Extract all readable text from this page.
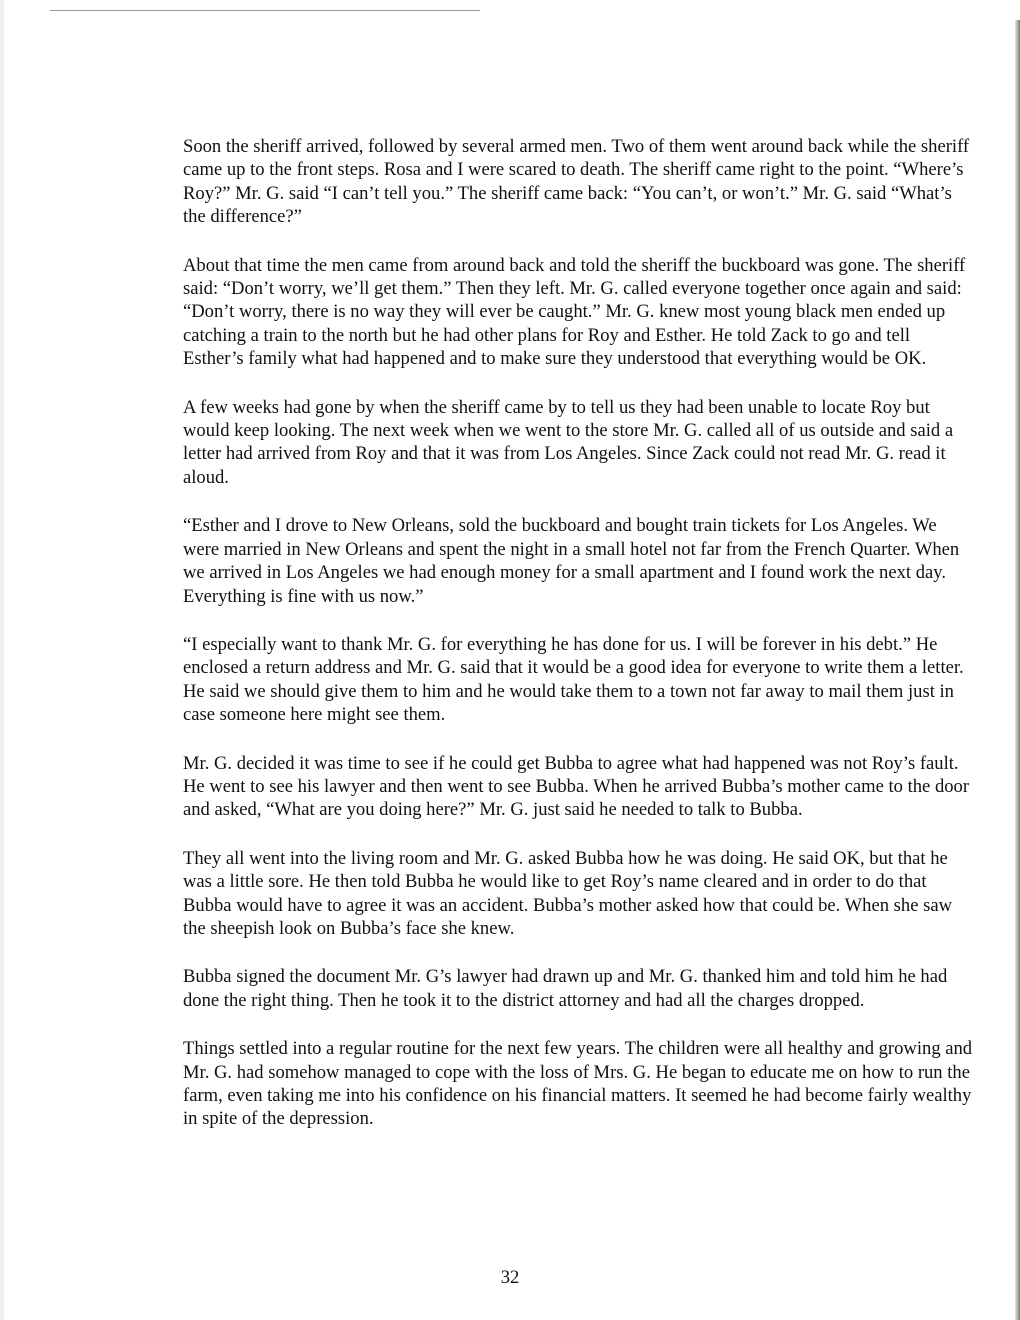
Soon the sheriff arrived, followed by several armed men. Two of them went around back while the sheriff came up to the front steps. Rosa and I were scared to death. The sheriff came right to the point. “Where’s Roy?” Mr. G. said “I can’t tell you.” The sheriff came back: “You can’t, or won’t.” Mr. G. said “What’s the difference?”

About that time the men came from around back and told the sheriff the buckboard was gone. The sheriff said: “Don’t worry, we’ll get them.” Then they left. Mr. G. called everyone together once again and said: “Don’t worry, there is no way they will ever be caught.” Mr. G. knew most young black men ended up catching a train to the north but he had other plans for Roy and Esther. He told Zack to go and tell Esther’s family what had happened and to make sure they understood that everything would be OK.

A few weeks had gone by when the sheriff came by to tell us they had been unable to locate Roy but would keep looking. The next week when we went to the store Mr. G. called all of us outside and said a letter had arrived from Roy and that it was from Los Angeles. Since Zack could not read Mr. G. read it aloud.

“Esther and I drove to New Orleans, sold the buckboard and bought train tickets for Los Angeles. We were married in New Orleans and spent the night in a small hotel not far from the French Quarter. When we arrived in Los Angeles we had enough money for a small apartment and I found work the next day. Everything is fine with us now.”

“I especially want to thank Mr. G. for everything he has done for us. I will be forever in his debt.” He enclosed a return address and Mr. G. said that it would be a good idea for everyone to write them a letter. He said we should give them to him and he would take them to a town not far away to mail them just in case someone here might see them.

Mr. G. decided it was time to see if he could get Bubba to agree what had happened was not Roy’s fault. He went to see his lawyer and then went to see Bubba. When he arrived Bubba’s mother came to the door and asked, “What are you doing here?” Mr. G. just said he needed to talk to Bubba.

They all went into the living room and Mr. G. asked Bubba how he was doing. He said OK, but that he was a little sore. He then told Bubba he would like to get Roy’s name cleared and in order to do that Bubba would have to agree it was an accident. Bubba’s mother asked how that could be. When she saw the sheepish look on Bubba’s face she knew.

Bubba signed the document Mr. G’s lawyer had drawn up and Mr. G. thanked him and told him he had done the right thing. Then he took it to the district attorney and had all the charges dropped.

Things settled into a regular routine for the next few years. The children were all healthy and growing and Mr. G. had somehow managed to cope with the loss of Mrs. G. He began to educate me on how to run the farm, even taking me into his confidence on his financial matters. It seemed he had become fairly wealthy in spite of the depression.

32
